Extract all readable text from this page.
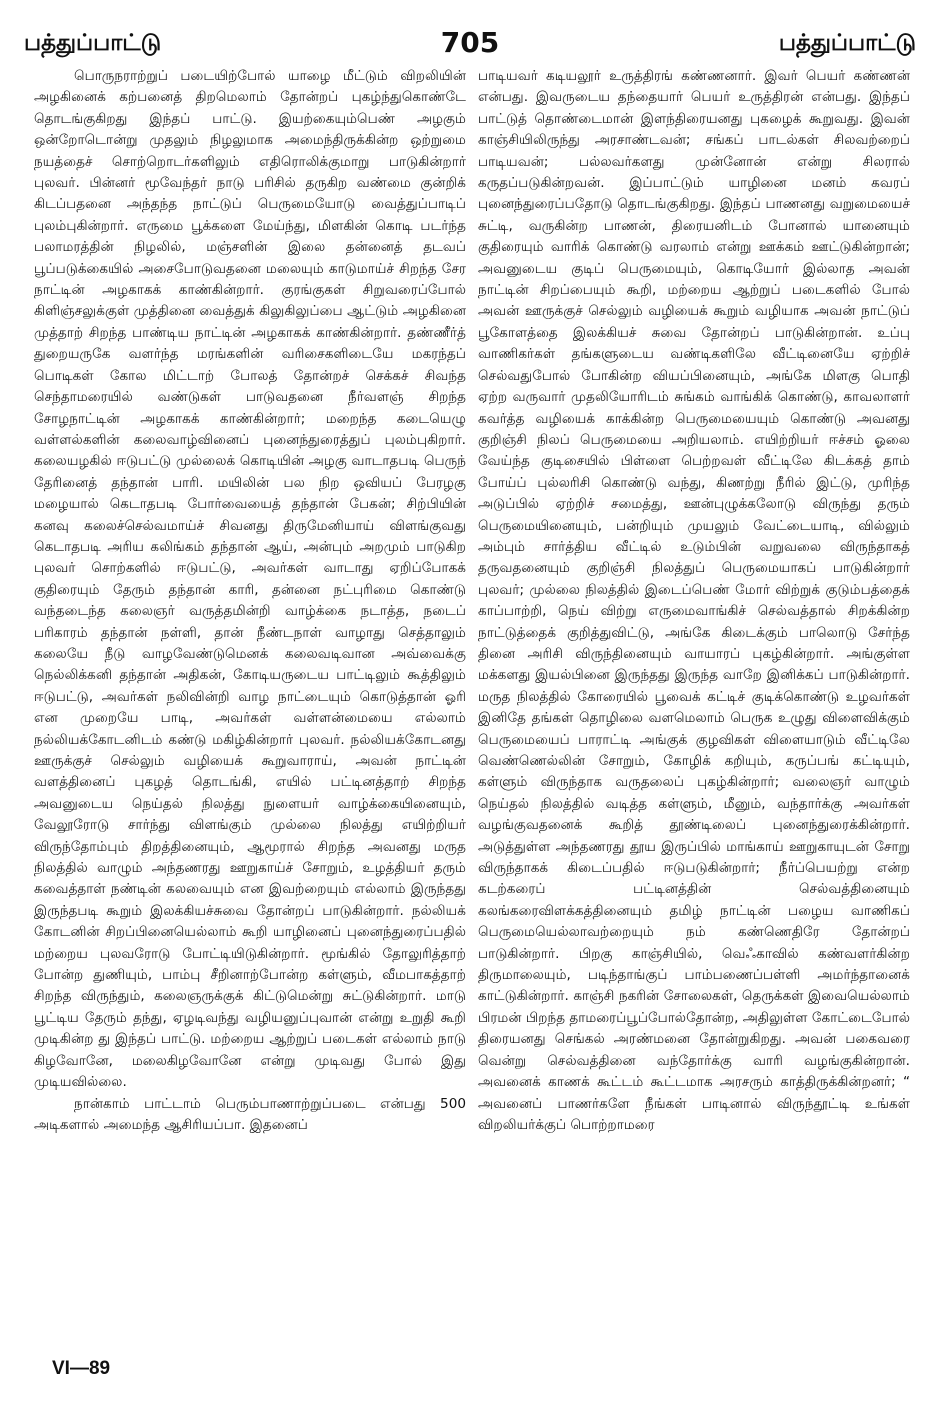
பத்துப்பாட்டு	705	பத்துப்பாட்டு

பொருநராற்றுப் படையிற்போல் யாழை மீட்டும் விறலியின் அழகினைக் கற்பனைத் திறமெலாம் தோன்றப் புகழ்ந்துகொண்டே தொடங்குகிறது இந்தப் பாட்டு. இயற்கையும்பெண் அழகும் ஒன்றோடொன்று முதலும் நிழலுமாக அமைந்திருக்கின்ற ஒற்றுமை நயத்தைச் சொற்றொடர்களிலும் எதிரொலிக்குமாறு பாடுகின்றார் புலவர். பின்னர் மூவேந்தர் நாடு பரிசில் தருகிற வண்மை குன்றிக் கிடப்பதனை அந்தந்த நாட்டுப் பெருமையோடு வைத்துப்பாடிப் புலம்புகின்றார். எருமை பூக்களை மேய்ந்து, மிளகின் கொடி படர்ந்த பலாமரத்தின் நிழலில், மஞ்சளின் இலை தன்னைத் தடவப் பூப்படுக்கையில் அசைபோடுவதனை மலையும் காடுமாய்ச் சிறந்த சேர நாட்டின் அழகாகக் காண்கின்றார். குரங்குகள் சிறுவரைப்போல் கிளிஞ்சலுக்குள் முத்தினை வைத்துக் கிலுகிலுப்பை ஆட்டும் அழகினை முத்தாற் சிறந்த பாண்டிய நாட்டின் அழகாகக் காண்கின்றார். தண்ணீர்த் துறையருகே வளர்ந்த மரங்களின் வரிசைகளிடையே மகரந்தப் பொடிகள் கோல மிட்டாற் போலத் தோன்றச் செக்கச் சிவந்த செந்தாமரையில் வண்டுகள் பாடுவதனை நீர்வளஞ் சிறந்த சோழநாட்டின் அழகாகக் காண்கின்றார்; மறைந்த கடையெழு வள்ளல்களின் கலைவாழ்வினைப் புனைந்துரைத்துப் புலம்புகிறார். கலையழகில் ஈடுபட்டு முல்லைக் கொடியின் அழகு வாடாதபடி பெருந் தேரினைத் தந்தான் பாரி. மயிலின் பல நிற ஒவியப் பேரழகு மழையால் கெடாதபடி போர்வையைத் தந்தான் பேகன்; சிற்பியின் கனவு கலைச்செல்வமாய்ச் சிவனது திருமேனியாய் விளங்குவது கெடாதபடி அரிய கலிங்கம் தந்தான் ஆய், அன்பும் அறமும் பாடுகிற புலவர் சொற்களில் ஈடுபட்டு, அவர்கள் வாடாது ஏறிப்போகக் குதிரையும் தேரும் தந்தான் காரி, தன்னை நட்புரிமை கொண்டு வந்தடைந்த கலைஞர் வருத்தமின்றி வாழ்க்கை நடாத்த, நடைப் பரிகாரம் தந்தான் நள்ளி, தான் நீண்டநாள் வாழாது செத்தாலும் கலையே நீடு வாழவேண்டுமெனக் கலைவடிவான அவ்வைக்கு நெல்லிக்கனி தந்தான் அதிகன், கோடியருடைய பாட்டிலும் கூத்திலும் ஈடுபட்டு, அவர்கள் நலிவின்றி வாழ நாட்டையும் கொடுத்தான் ஓரி என முறையே பாடி, அவர்கள் வள்ளன்மையை எல்லாம் நல்லியக்கோடனிடம் கண்டு மகிழ்கின்றார் புலவர். நல்லியக்கோடனது ஊருக்குச் செல்லும் வழியைக் கூறுவாராய், அவன் நாட்டின் வளத்தினைப் புகழத் தொடங்கி, எயில் பட்டினத்தாற் சிறந்த அவனுடைய நெய்தல் நிலத்து நுளையர் வாழ்க்கையினையும், வேலூரோடு சார்ந்து விளங்கும் முல்லை நிலத்து எயிற்றியர் விருந்தோம்பும் திறத்தினையும், ஆமூரால் சிறந்த அவனது மருத நிலத்தில் வாழும் அந்தணரது ஊறுகாய்ச் சோறும், உழத்தியர் தரும் கவைத்தாள் நண்டின் கலவையும் என இவற்றையும் எல்லாம் இருந்தது இருந்தபடி கூறும் இலக்கியச்சுவை தோன்றப் பாடுகின்றார். நல்லியக் கோடனின் சிறப்பினையெல்லாம் கூறி யாழினைப் புனைந்துரைப்பதில் மற்றைய புலவரோடு போட்டியிடுகின்றார். மூங்கில் தோலுரித்தாற் போன்ற துணியும், பாம்பு சீறினாற்போன்ற கள்ளும், வீமபாகத்தாற் சிறந்த விருந்தும், கலைஞருக்குக் கிட்டுமென்று சுட்டுகின்றார். மாடு பூட்டிய தேரும் தந்து, ஏழடிவந்து வழியனுப்புவான் என்று உறுதி கூறி முடிகின்ற து இந்தப் பாட்டு. மற்றைய ஆற்றுப் படைகள் எல்லாம் நாடு கிழவோனே, மலைகிழவோனே என்று முடிவது போல் இது முடியவில்லை.

நான்காம் பாட்டாம் பெரும்பாணாற்றுப்படை என்பது 500 அடிகளால் அமைந்த ஆசிரியப்பா. இதனைப்

பாடியவர் கடியலூர் உருத்திரங் கண்ணனார். இவர் பெயர் கண்ணன் என்பது. இவருடைய தந்தையார் பெயர் உருத்திரன் என்பது. இந்தப் பாட்டுத் தொண்டைமான் இளந்திரையனது புகழைக் கூறுவது. இவன் காஞ்சியிலிருந்து அரசாண்டவன்; சங்கப் பாடல்கள் சிலவற்றைப் பாடியவன்; பல்லவர்களது முன்னோன் என்று சிலரால் கருதப்படுகின்றவன். இப்பாட்டும் யாழினை மனம் கவரப் புனைந்துரைப்பதோடு தொடங்குகிறது. இந்தப் பாணனது வறுமையைச் சுட்டி, வருகின்ற பாணன், திரையனிடம் போனால் யானையும் குதிரையும் வாரிக் கொண்டு வரலாம் என்று ஊக்கம் ஊட்டுகின்றான்; அவனுடைய குடிப் பெருமையும், கொடியோர் இல்லாத அவன் நாட்டின் சிறப்பையும் கூறி, மற்றைய ஆற்றுப் படைகளில் போல் அவன் ஊருக்குச் செல்லும் வழியைக் கூறும் வழியாக அவன் நாட்டுப் பூகோளத்தை இலக்கியச் சுவை தோன்றப் பாடுகின்றான். உப்பு வாணிகர்கள் தங்களுடைய வண்டிகளிலே வீட்டினையே ஏற்றிச் செல்வதுபோல் போகின்ற வியப்பினையும், அங்கே மிளகு பொதி ஏற்ற வருவார் முதலியோரிடம் சுங்கம் வாங்கிக் கொண்டு, காவலாளர் கவர்த்த வழியைக் காக்கின்ற பெருமையையும் கொண்டு அவனது குறிஞ்சி நிலப் பெருமையை அறியலாம். எயிற்றியர் ஈச்சம் ஓலை வேய்ந்த குடிசையில் பிள்ளை பெற்றவள் வீட்டிலே கிடக்கத் தாம் போய்ப் புல்லரிசி கொண்டு வந்து, கிணற்று நீரில் இட்டு, முரிந்த அடுப்பில் ஏற்றிச் சமைத்து, ஊன்புழுக்கலோடு விருந்து தரும் பெருமையினையும், பன்றியும் முயலும் வேட்டையாடி, வில்லும் அம்பும் சார்த்திய வீட்டில் உடும்பின் வறுவலை விருந்தாகத் தருவதனையும் குறிஞ்சி நிலத்துப் பெருமையாகப் பாடுகின்றார் புலவர்; முல்லை நிலத்தில் இடைப்பெண் மோர் விற்றுக் குடும்பத்தைக் காப்பாற்றி, நெய் விற்று எருமைவாங்கிச் செல்வத்தால் சிறக்கின்ற நாட்டுத்தைக் குறித்துவிட்டு, அங்கே கிடைக்கும் பாலொடு சேர்ந்த தினை அரிசி விருந்தினையும் வாயாரப் புகழ்கின்றார். அங்குள்ள மக்களது இயல்பினை இருந்தது இருந்த வாறே இனிக்கப் பாடுகின்றார். மருத நிலத்தில் கோரையில் பூவைக் கட்டிச் குடிக்கொண்டு உழவர்கள் இனிதே தங்கள் தொழிலை வளமெலாம் பெருக உழுது விளைவிக்கும் பெருமையைப் பாராட்டி அங்குக் குழவிகள் விளையாடும் வீட்டிலே வெண்ணெல்லின் சோறும், கோழிக் கறியும், கருப்பங் கட்டியும், கள்ளும் விருந்தாக வருதலைப் புகழ்கின்றார்; வலைஞர் வாழும் நெய்தல் நிலத்தில் வடித்த கள்ளும், மீனும், வந்தார்க்கு அவர்கள் வழங்குவதனைக் கூறித் தூண்டிலைப் புனைந்துரைக்கின்றார். அடுத்துள்ள அந்தணரது தூய இருப்பில் மாங்காய் ஊறுகாயுடன் சோறு விருந்தாகக் கிடைப்பதில் ஈடுபடுகின்றார்; நீர்ப்பெயற்று என்ற கடற்கரைப் பட்டினத்தின் செல்வத்தினையும் கலங்கரைவிளக்கத்தினையும் தமிழ் நாட்டின் பழைய வாணிகப் பெருமையெல்லாவற்றையும் நம் கண்ணெதிரே தோன்றப் பாடுகின்றார். பிறகு காஞ்சியில், வெஃகாவில் கண்வளர்கின்ற திருமாலையும், படிந்தாங்குப் பாம்பணைப்பள்ளி அமர்ந்தானைக் காட்டுகின்றார். காஞ்சி நகரின் சோலைகள், தெருக்கள் இவையெல்லாம் பிரமன் பிறந்த தாமரைப்பூப்போல்தோன்ற, அதிலுள்ள கோட்டைபோல் திரையனது செங்கல் அரண்மனை தோன்றுகிறது. அவன் பகைவரை வென்று செல்வத்தினை வந்தோர்க்கு வாரி வழங்குகின்றான். அவனைக் காணக் கூட்டம் கூட்டமாக அரசரும் காத்திருக்கின்றனர்; “ அவனைப் பாணர்களே நீங்கள் பாடினால் விருந்தூட்டி உங்கள் விறலியர்க்குப் பொற்றாமரை

VI—89
